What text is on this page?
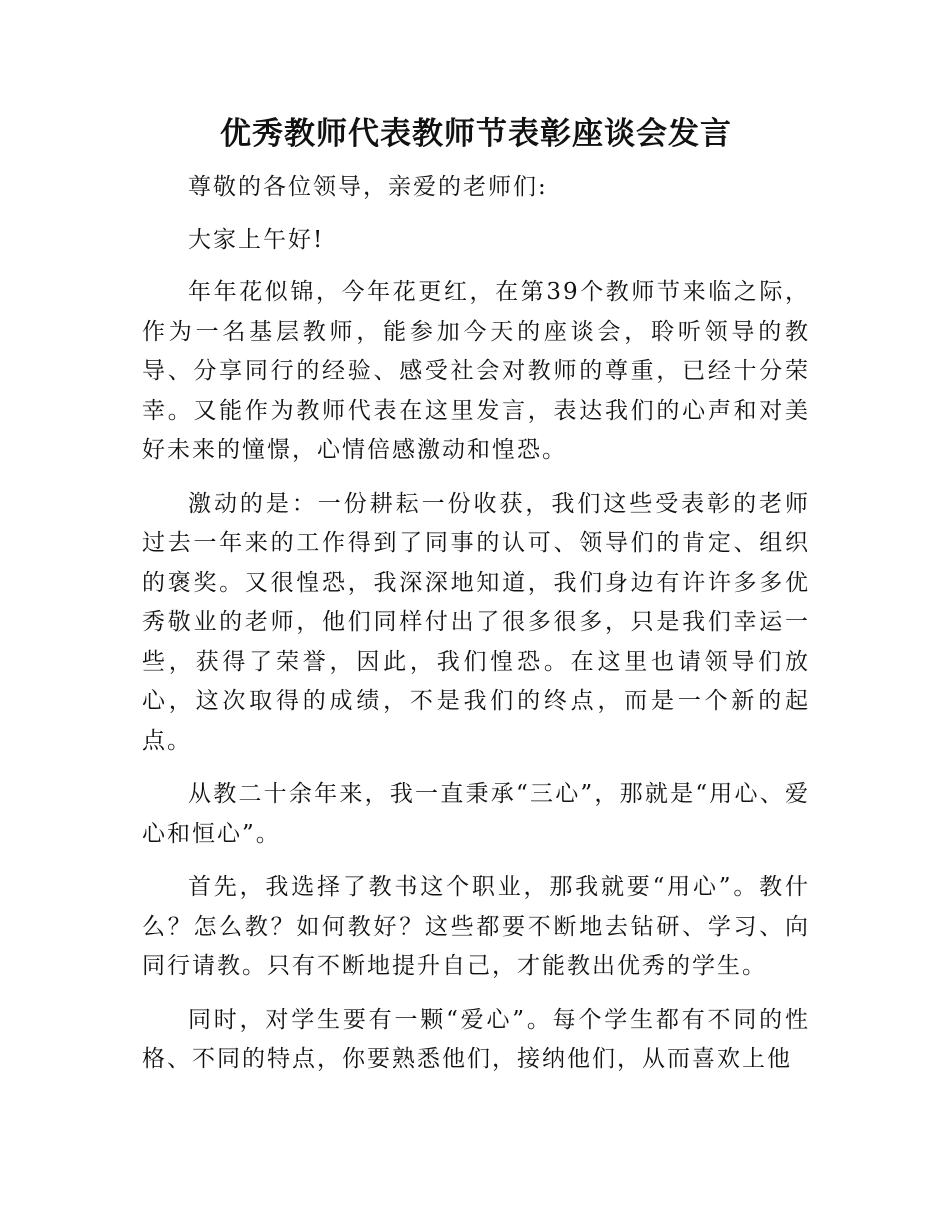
优秀教师代表教师节表彰座谈会发言

尊敬的各位领导，亲爱的老师们:

大家上午好!

年年花似锦，今年花更红，在第39个教师节来临之际，作为一名基层教师，能参加今天的座谈会，聆听领导的教导、分享同行的经验、感受社会对教师的尊重，已经十分荣幸。又能作为教师代表在这里发言，表达我们的心声和对美好未来的憧憬，心情倍感激动和惶恐。

激动的是：一份耕耘一份收获，我们这些受表彰的老师过去一年来的工作得到了同事的认可、领导们的肯定、组织的褒奖。又很惶恐，我深深地知道，我们身边有许许多多优秀敬业的老师，他们同样付出了很多很多，只是我们幸运一些，获得了荣誉，因此，我们惶恐。在这里也请领导们放心，这次取得的成绩，不是我们的终点，而是一个新的起点。

从教二十余年来，我一直秉承“三心”，那就是“用心、爱心和恒心”。

首先，我选择了教书这个职业，那我就要“用心”。教什么？怎么教？如何教好？这些都要不断地去钻研、学习、向同行请教。只有不断地提升自己，才能教出优秀的学生。

同时，对学生要有一颗“爱心”。每个学生都有不同的性格、不同的特点，你要熟悉他们，接纳他们，从而喜欢上他
